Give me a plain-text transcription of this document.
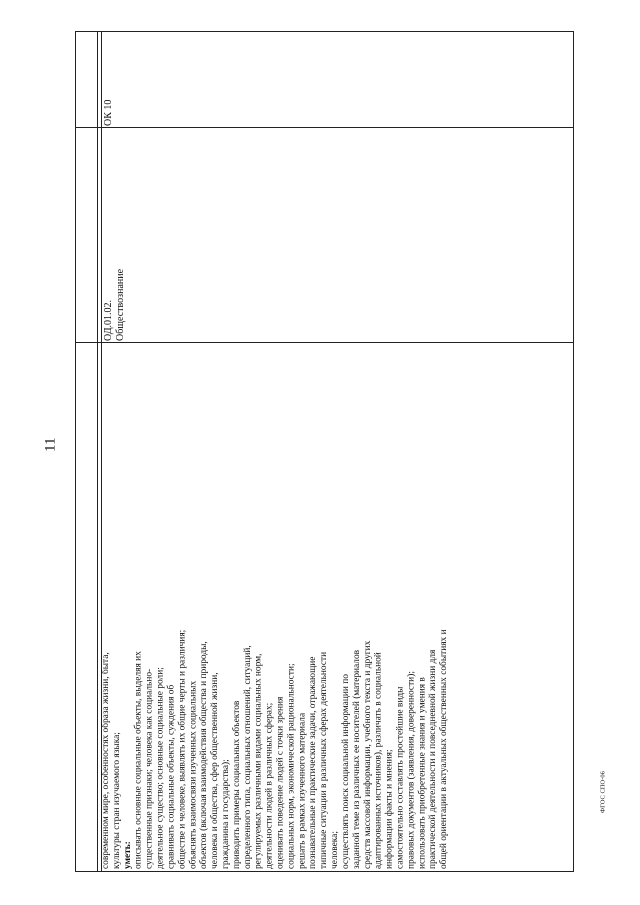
11
современном мире, особенностях образа жизни, быта, культуры стран изучаемого языка; уметь: описывать основные социальные объекты, выделяя их существенные признаки; человека как социально- деятельное существо; основные социальные роли; сравнивать социальные объекты, суждения об обществе и человеке, выявлять их общие черты и различия; объяснять взаимосвязи изученных социальных объектов (включая взаимодействия общества и природы, человека и общества, сфер общественной жизни, гражданина и государства); приводить примеры социальных объектов определенного типа, социальных отношений, ситуаций, регулируемых различными видами социальных норм, деятельности людей в различных сферах; оценивать поведение людей с точки зрения социальных норм, экономической рациональности; решать в рамках изученного материала познавательные и практические задачи, отражающие типичные ситуации в различных сферах деятельности человека; осуществлять поиск социальной информации по заданной теме из различных ее носителей (материалов средств массовой информации, учебного текста и других адаптированных источников), различать в социальной информации факты и мнения; самостоятельно составлять простейшие виды правовых документов (заявления, доверенности); использовать приобретенные знания и умения в практической деятельности и повседневной жизни для общей ориентации в актуальных общественных событиях и
ОД.01.02. Обществознание
ОК 10
ФГОС СПО-06
